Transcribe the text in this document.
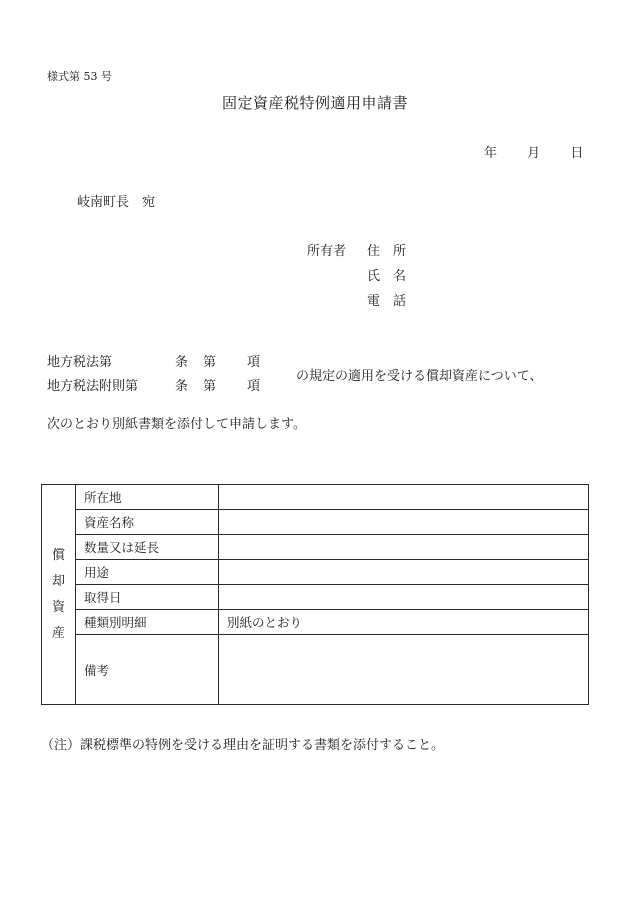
様式第 53 号
固定資産税特例適用申請書
年 月 日
岐南町長　宛
所有者 住　所
氏　名
電　話
地方税法第	条 第 項
地方税法附則第	条 第 項
の規定の適用を受ける償却資産について、
次のとおり別紙書類を添付して申請します。
償却資産	所在地	
	資産名称	
	数量又は延長	
	用途	
	取得日	
	種類別明細	別紙のとおり
	備考	
（注）課税標準の特例を受ける理由を証明する書類を添付すること。
